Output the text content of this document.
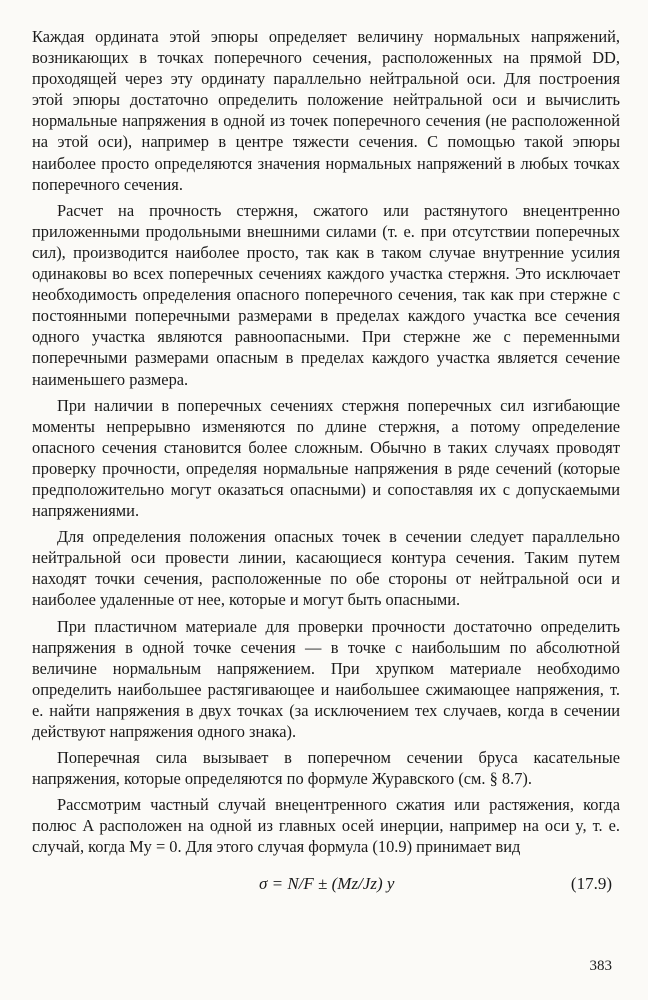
Каждая ордината этой эпюры определяет величину нормальных напряжений, возникающих в точках поперечного сечения, расположенных на прямой DD, проходящей через эту ординату параллельно нейтральной оси. Для построения этой эпюры достаточно определить положение нейтральной оси и вычислить нормальные напряжения в одной из точек поперечного сечения (не расположенной на этой оси), например в центре тяжести сечения. С помощью такой эпюры наиболее просто определяются значения нормальных напряжений в любых точках поперечного сечения.

Расчет на прочность стержня, сжатого или растянутого внецентренно приложенными продольными внешними силами (т. е. при отсутствии поперечных сил), производится наиболее просто, так как в таком случае внутренние усилия одинаковы во всех поперечных сечениях каждого участка стержня. Это исключает необходимость определения опасного поперечного сечения, так как при стержне с постоянными поперечными размерами в пределах каждого участка все сечения одного участка являются равноопасными. При стержне же с переменными поперечными размерами опасным в пределах каждого участка является сечение наименьшего размера.

При наличии в поперечных сечениях стержня поперечных сил изгибающие моменты непрерывно изменяются по длине стержня, а потому определение опасного сечения становится более сложным. Обычно в таких случаях проводят проверку прочности, определяя нормальные напряжения в ряде сечений (которые предположительно могут оказаться опасными) и сопоставляя их с допускаемыми напряжениями.

Для определения положения опасных точек в сечении следует параллельно нейтральной оси провести линии, касающиеся контура сечения. Таким путем находят точки сечения, расположенные по обе стороны от нейтральной оси и наиболее удаленные от нее, которые и могут быть опасными.

При пластичном материале для проверки прочности достаточно определить напряжения в одной точке сечения — в точке с наибольшим по абсолютной величине нормальным напряжением. При хрупком материале необходимо определить наибольшее растягивающее и наибольшее сжимающее напряжения, т. е. найти напряжения в двух точках (за исключением тех случаев, когда в сечении действуют напряжения одного знака).

Поперечная сила вызывает в поперечном сечении бруса касательные напряжения, которые определяются по формуле Журавского (см. § 8.7).

Рассмотрим частный случай внецентренного сжатия или растяжения, когда полюс A расположен на одной из главных осей инерции, например на оси y, т. е. случай, когда My = 0. Для этого случая формула (10.9) принимает вид

σ = N/F ± (Mz/Jz) y	(17.9)
383
